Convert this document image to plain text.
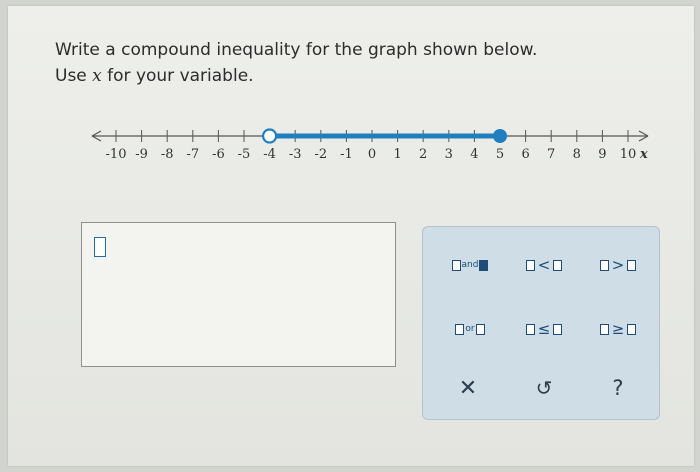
Write a compound inequality for the graph shown below.
Use x for your variable.
-10 -9 -8 -7 -6 -5 -4 -3 -2 -1 0 1 2 3 4 5 6 7 8 9 10 x
and	<	>
or	≤	≥
✕	↺	?
